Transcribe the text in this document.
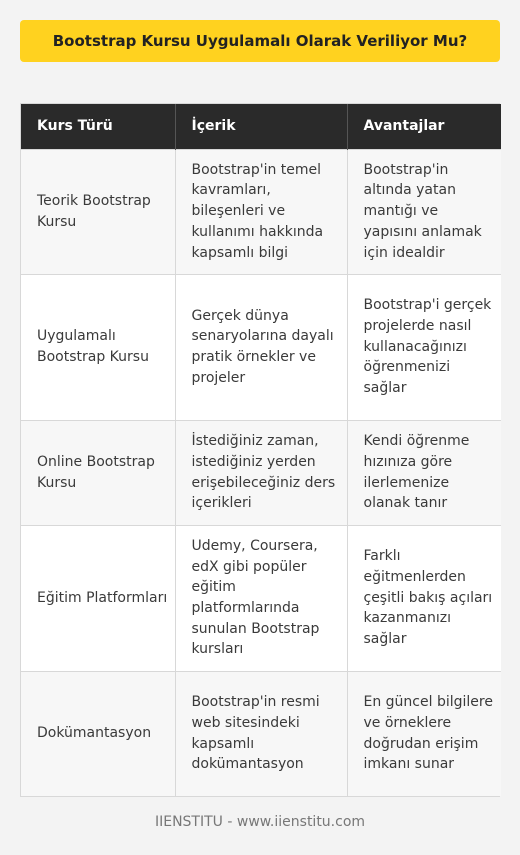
Bootstrap Kursu Uygulamalı Olarak Veriliyor Mu?
Kurs Türü	İçerik	Avantajlar
Teorik Bootstrap Kursu	Bootstrap'in temel kavramları, bileşenleri ve kullanımı hakkında kapsamlı bilgi	Bootstrap'in altında yatan mantığı ve yapısını anlamak için idealdir
Uygulamalı Bootstrap Kursu	Gerçek dünya senaryolarına dayalı pratik örnekler ve projeler	Bootstrap'i gerçek projelerde nasıl kullanacağınızı öğrenmenizi sağlar
Online Bootstrap Kursu	İstediğiniz zaman, istediğiniz yerden erişebileceğiniz ders içerikleri	Kendi öğrenme hızınıza göre ilerlemenize olanak tanır
Eğitim Platformları	Udemy, Coursera, edX gibi popüler eğitim platformlarında sunulan Bootstrap kursları	Farklı eğitmenlerden çeşitli bakış açıları kazanmanızı sağlar
Dokümantasyon	Bootstrap'in resmi web sitesindeki kapsamlı dokümantasyon	En güncel bilgilere ve örneklere doğrudan erişim imkanı sunar
IIENSTITU - www.iienstitu.com
